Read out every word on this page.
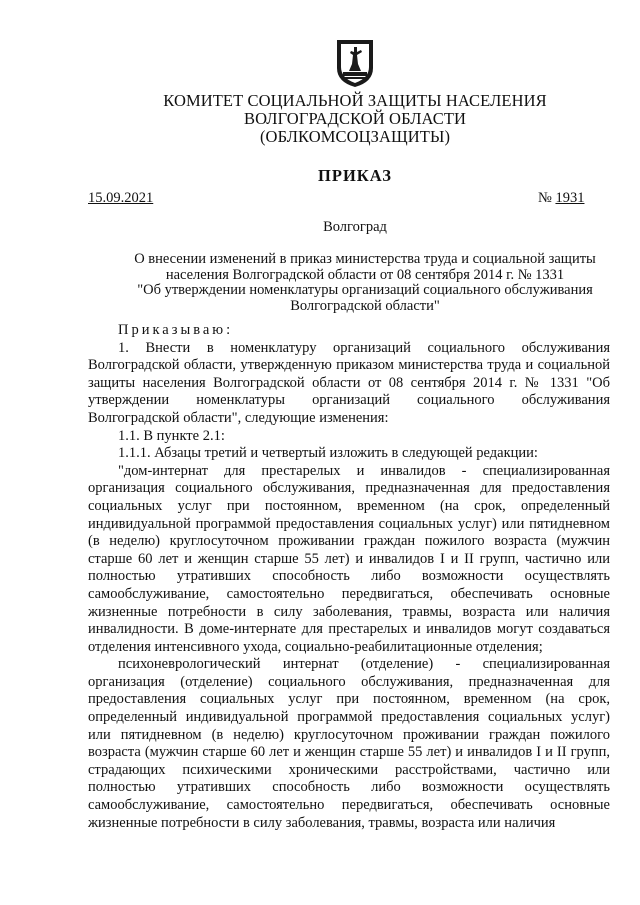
КОМИТЕТ СОЦИАЛЬНОЙ ЗАЩИТЫ НАСЕЛЕНИЯ
ВОЛГОГРАДСКОЙ ОБЛАСТИ
(ОБЛКОМСОЦЗАЩИТЫ)
ПРИКАЗ
15.09.2021	№ 1931
Волгоград
О внесении изменений в приказ министерства труда и социальной защиты
населения Волгоградской области от 08 сентября 2014 г. № 1331
"Об утверждении номенклатуры организаций социального обслуживания
Волгоградской области"

Приказываю:

1. Внести в номенклатуру организаций социального обслуживания Волгоградской области, утвержденную приказом министерства труда и социальной защиты населения Волгоградской области от 08 сентября 2014 г. № 1331 "Об утверждении номенклатуры организаций социального обслуживания Волгоградской области", следующие изменения:

1.1. В пункте 2.1:

1.1.1. Абзацы третий и четвертый изложить в следующей редакции:

"дом-интернат для престарелых и инвалидов - специализированная организация социального обслуживания, предназначенная для предоставления социальных услуг при постоянном, временном (на срок, определенный индивидуальной программой предоставления социальных услуг) или пятидневном (в неделю) круглосуточном проживании граждан пожилого возраста (мужчин старше 60 лет и женщин старше 55 лет) и инвалидов I и II групп, частично или полностью утративших способность либо возможности осуществлять самообслуживание, самостоятельно передвигаться, обеспечивать основные жизненные потребности в силу заболевания, травмы, возраста или наличия инвалидности. В доме-интернате для престарелых и инвалидов могут создаваться отделения интенсивного ухода, социально-реабилитационные отделения;

психоневрологический интернат (отделение) - специализированная организация (отделение) социального обслуживания, предназначенная для предоставления социальных услуг при постоянном, временном (на срок, определенный индивидуальной программой предоставления социальных услуг) или пятидневном (в неделю) круглосуточном проживании граждан пожилого возраста (мужчин старше 60 лет и женщин старше 55 лет) и инвалидов I и II групп, страдающих психическими хроническими расстройствами, частично или полностью утративших способность либо возможности осуществлять самообслуживание, самостоятельно передвигаться, обеспечивать основные жизненные потребности в силу заболевания, травмы, возраста или наличия
